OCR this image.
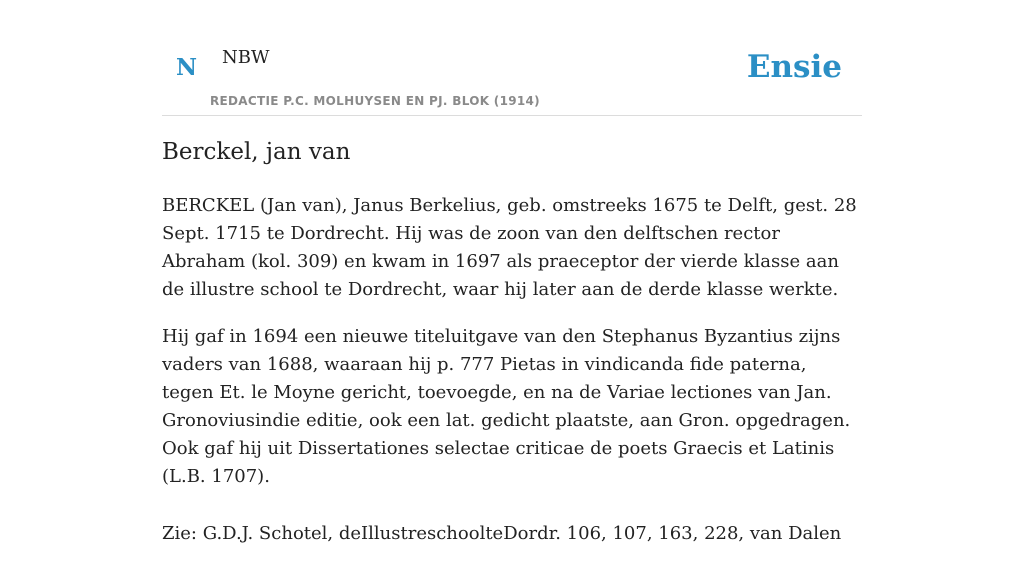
N NBW
REDACTIE P.C. MOLHUYSEN EN PJ. BLOK (1914)
Ensie
Berckel, jan van

BERCKEL (Jan van), Janus Berkelius, geb. omstreeks 1675 te Delft, gest. 28 Sept. 1715 te Dordrecht. Hij was de zoon van den delftschen rector Abraham (kol. 309) en kwam in 1697 als praeceptor der vierde klasse aan de illustre school te Dordrecht, waar hij later aan de derde klasse werkte.

Hij gaf in 1694 een nieuwe titeluitgave van den Stephanus Byzantius zijns vaders van 1688, waaraan hij p. 777 Pietas in vindicanda fide paterna, tegen Et. le Moyne gericht, toevoegde, en na de Variae lectiones van Jan. Gronoviusindie editie, ook een lat. gedicht plaatste, aan Gron. opgedragen. Ook gaf hij uit Dissertationes selectae criticae de poets Graecis et Latinis (L.B. 1707).

Zie: G.D.J. Schotel, deIllustreschoolteDordr. 106, 107, 163, 228, van Dalen
